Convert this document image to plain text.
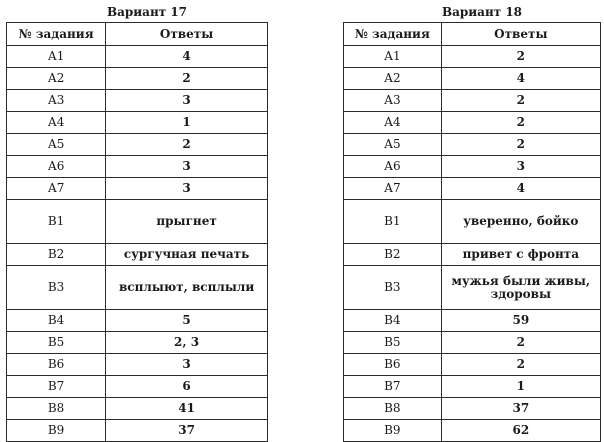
Вариант 17
№ задания	Ответы
А1	4
А2	2
А3	3
А4	1
А5	2
А6	3
А7	3
В1	прыгнет
В2	сургучная печать
В3	всплыют, всплыли
В4	5
В5	2, 3
В6	3
В7	6
В8	41
В9	37
Вариант 18
№ задания	Ответы
А1	2
А2	4
А3	2
А4	2
А5	2
А6	3
А7	4
В1	уверенно, бойко
В2	привет с фронта
В3	мужья были живы, здоровы
В4	59
В5	2
В6	2
В7	1
В8	37
В9	62
